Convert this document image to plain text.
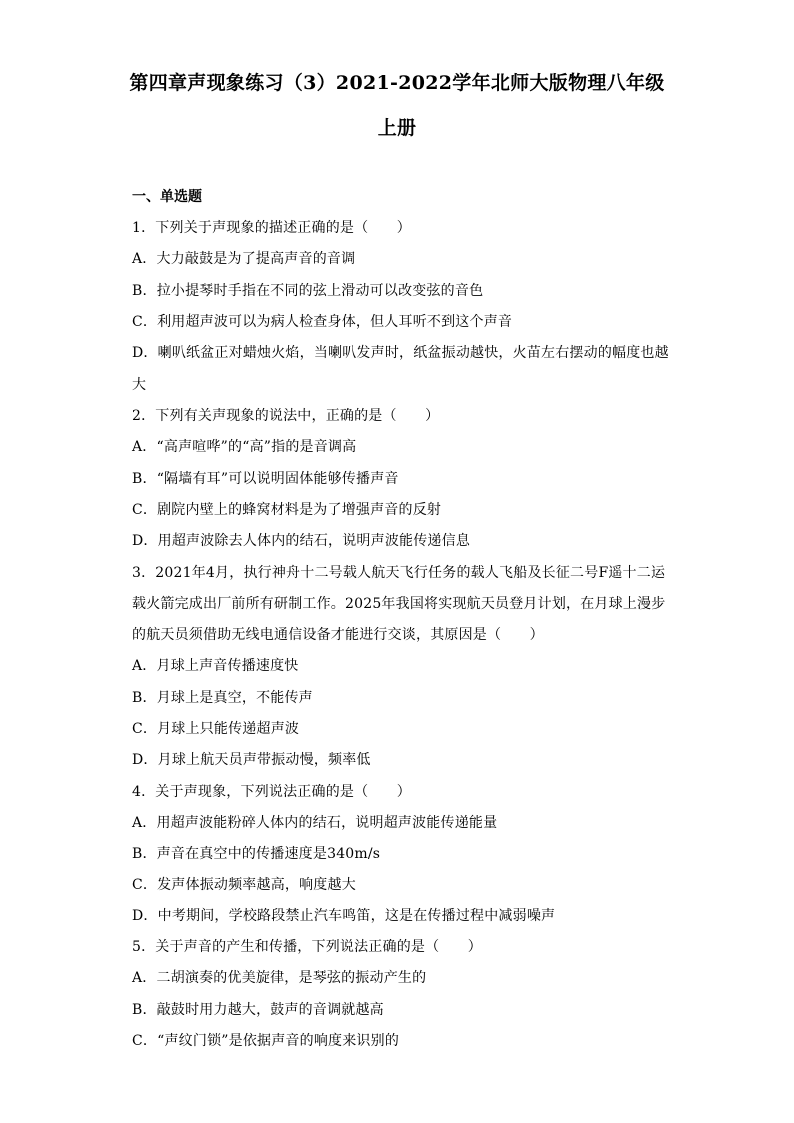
第四章声现象练习（3）2021-2022学年北师大版物理八年级
上册
一、单选题
1．下列关于声现象的描述正确的是（　　）
A．大力敲鼓是为了提高声音的音调
B．拉小提琴时手指在不同的弦上滑动可以改变弦的音色
C．利用超声波可以为病人检查身体，但人耳听不到这个声音
D．喇叭纸盆正对蜡烛火焰，当喇叭发声时，纸盆振动越快，火苗左右摆动的幅度也越
大
2．下列有关声现象的说法中，正确的是（　　）
A．“高声喧哗”的“高”指的是音调高
B．“隔墙有耳”可以说明固体能够传播声音
C．剧院内壁上的蜂窝材料是为了增强声音的反射
D．用超声波除去人体内的结石，说明声波能传递信息
3．2021年4月，执行神舟十二号载人航天飞行任务的载人飞船及长征二号F遥十二运
载火箭完成出厂前所有研制工作。2025年我国将实现航天员登月计划，在月球上漫步
的航天员须借助无线电通信设备才能进行交谈，其原因是（　　）
A．月球上声音传播速度快
B．月球上是真空，不能传声
C．月球上只能传递超声波
D．月球上航天员声带振动慢，频率低
4．关于声现象，下列说法正确的是（　　）
A．用超声波能粉碎人体内的结石，说明超声波能传递能量
B．声音在真空中的传播速度是340m/s
C．发声体振动频率越高，响度越大
D．中考期间，学校路段禁止汽车鸣笛，这是在传播过程中减弱噪声
5．关于声音的产生和传播，下列说法正确的是（　　）
A．二胡演奏的优美旋律，是琴弦的振动产生的
B．敲鼓时用力越大，鼓声的音调就越高
C．“声纹门锁”是依据声音的响度来识别的
